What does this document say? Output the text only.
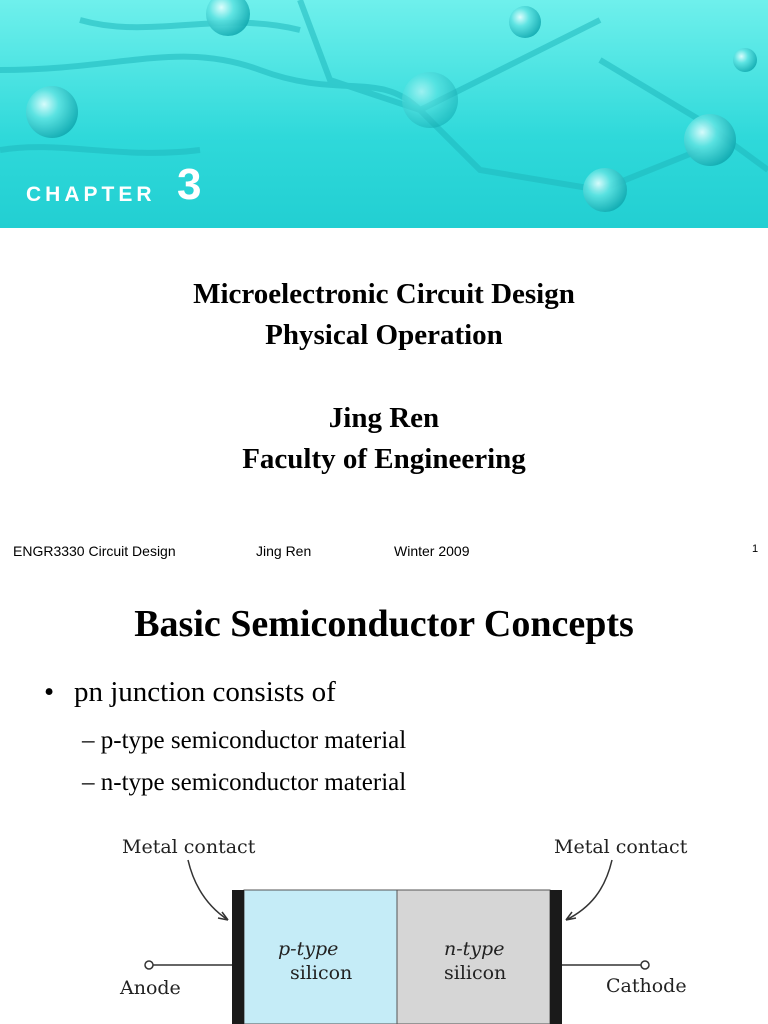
CHAPTER 3
Microelectronic Circuit Design
Physical Operation
Jing Ren
Faculty of Engineering
ENGR3330 Circuit Design	Jing Ren	Winter 2009	1
Basic Semiconductor Concepts
• pn junction consists of
– p-type semiconductor material
– n-type semiconductor material
Metal contact	Metal contact
p-type
silicon
n-type
silicon
Anode	Cathode
